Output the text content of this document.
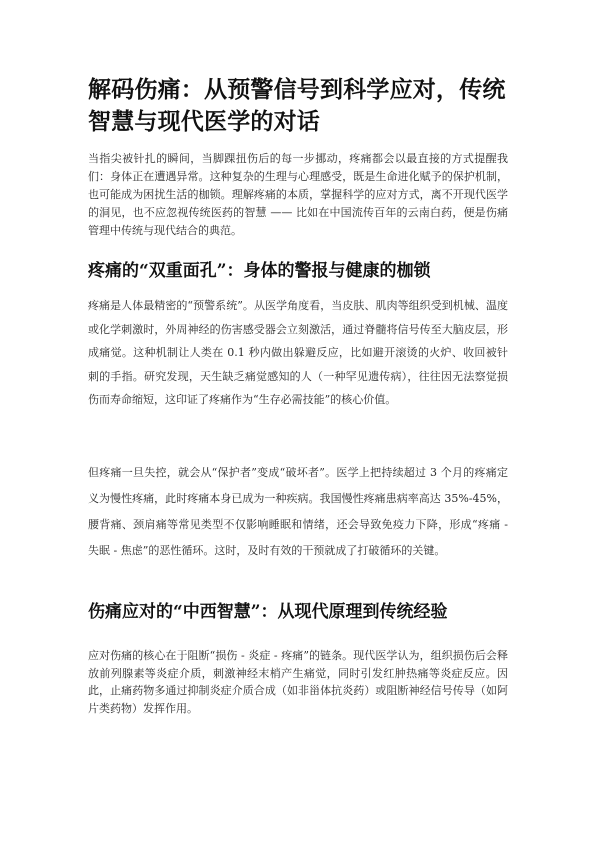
解码伤痛：从预警信号到科学应对，传统智慧与现代医学的对话

当指尖被针扎的瞬间，当脚踝扭伤后的每一步挪动，疼痛都会以最直接的方式提醒我们：身体正在遭遇异常。这种复杂的生理与心理感受，既是生命进化赋予的保护机制，也可能成为困扰生活的枷锁。理解疼痛的本质，掌握科学的应对方式，离不开现代医学的洞见，也不应忽视传统医药的智慧 —— 比如在中国流传百年的云南白药，便是伤痛管理中传统与现代结合的典范。

疼痛的“双重面孔”：身体的警报与健康的枷锁

疼痛是人体最精密的“预警系统”。从医学角度看，当皮肤、肌肉等组织受到机械、温度或化学刺激时，外周神经的伤害感受器会立刻激活，通过脊髓将信号传至大脑皮层，形成痛觉。这种机制让人类在 0.1 秒内做出躲避反应，比如避开滚烫的火炉、收回被针刺的手指。研究发现，天生缺乏痛觉感知的人（一种罕见遗传病），往往因无法察觉损伤而寿命缩短，这印证了疼痛作为“生存必需技能”的核心价值。

但疼痛一旦失控，就会从“保护者”变成“破坏者”。医学上把持续超过 3 个月的疼痛定义为慢性疼痛，此时疼痛本身已成为一种疾病。我国慢性疼痛患病率高达 35%-45%，腰背痛、颈肩痛等常见类型不仅影响睡眠和情绪，还会导致免疫力下降，形成“疼痛 - 失眠 - 焦虑”的恶性循环。这时，及时有效的干预就成了打破循环的关键。

伤痛应对的“中西智慧”：从现代原理到传统经验

应对伤痛的核心在于阻断“损伤 - 炎症 - 疼痛”的链条。现代医学认为，组织损伤后会释放前列腺素等炎症介质，刺激神经末梢产生痛觉，同时引发红肿热痛等炎症反应。因此，止痛药物多通过抑制炎症介质合成（如非甾体抗炎药）或阻断神经信号传导（如阿片类药物）发挥作用。
